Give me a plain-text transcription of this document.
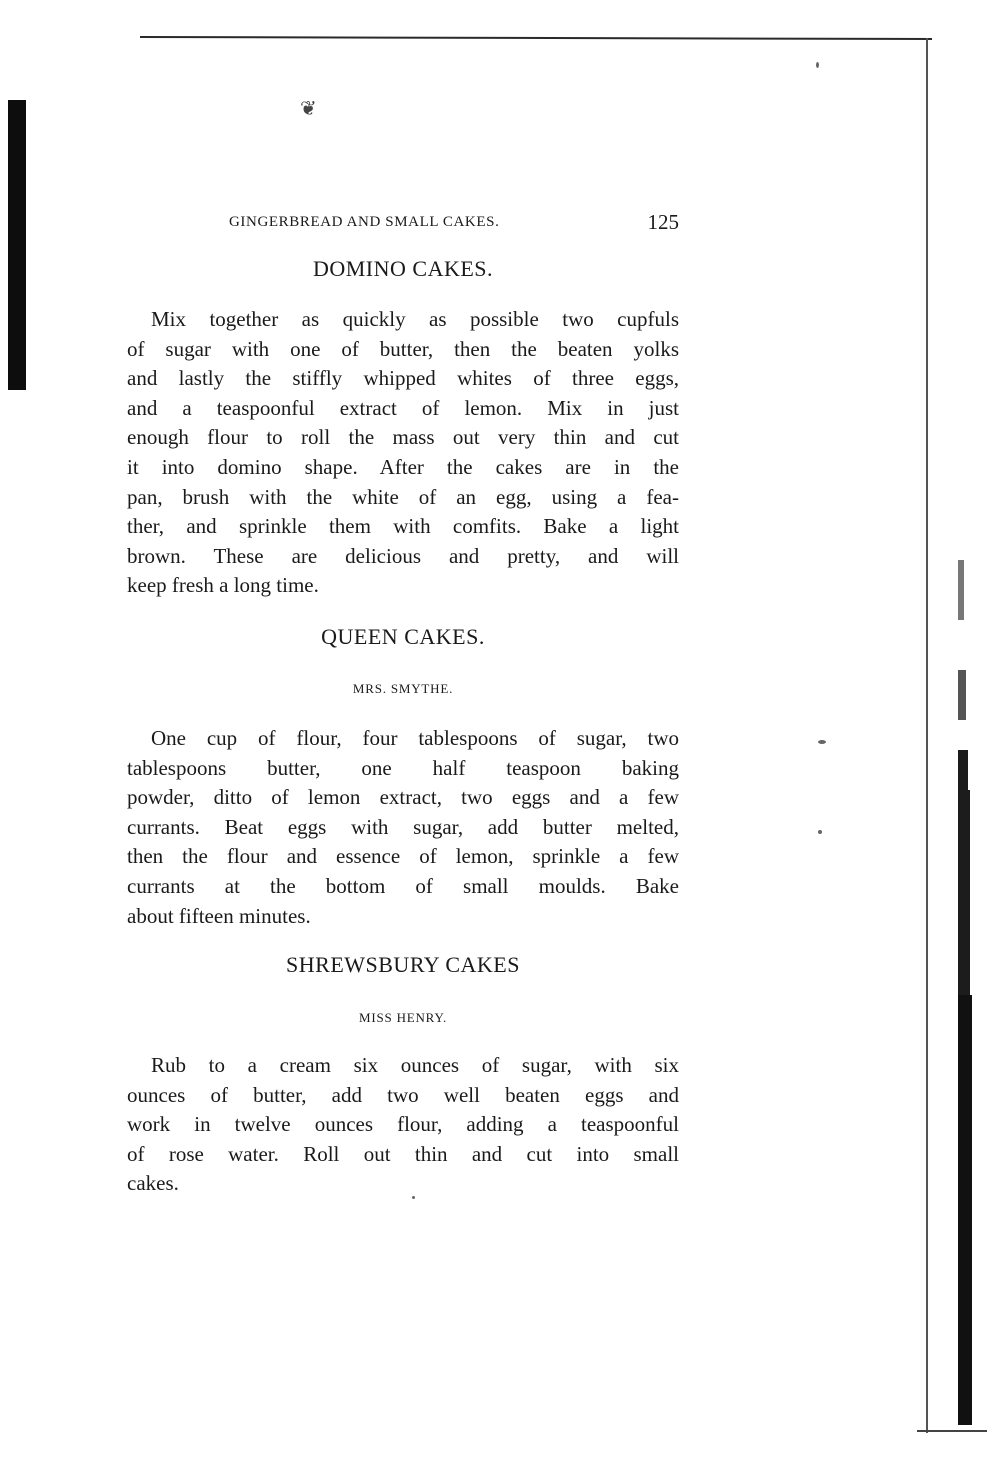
❦
GINGERBREAD AND SMALL CAKES.	125
DOMINO CAKES.
Mix together as quickly as possible two cupfuls
of sugar with one of butter, then the beaten yolks
and lastly the stiffly whipped whites of three eggs,
and a teaspoonful extract of lemon. Mix in just
enough flour to roll the mass out very thin and cut
it into domino shape. After the cakes are in the
pan, brush with the white of an egg, using a fea-
ther, and sprinkle them with comfits. Bake a light
brown. These are delicious and pretty, and will
keep fresh a long time.
QUEEN CAKES.
MRS. SMYTHE.
One cup of flour, four tablespoons of sugar, two
tablespoons butter, one half teaspoon baking
powder, ditto of lemon extract, two eggs and a few
currants. Beat eggs with sugar, add butter melted,
then the flour and essence of lemon, sprinkle a few
currants at the bottom of small moulds. Bake
about fifteen minutes.
SHREWSBURY CAKES
MISS HENRY.
Rub to a cream six ounces of sugar, with six
ounces of butter, add two well beaten eggs and
work in twelve ounces flour, adding a teaspoonful
of rose water. Roll out thin and cut into small
cakes.
